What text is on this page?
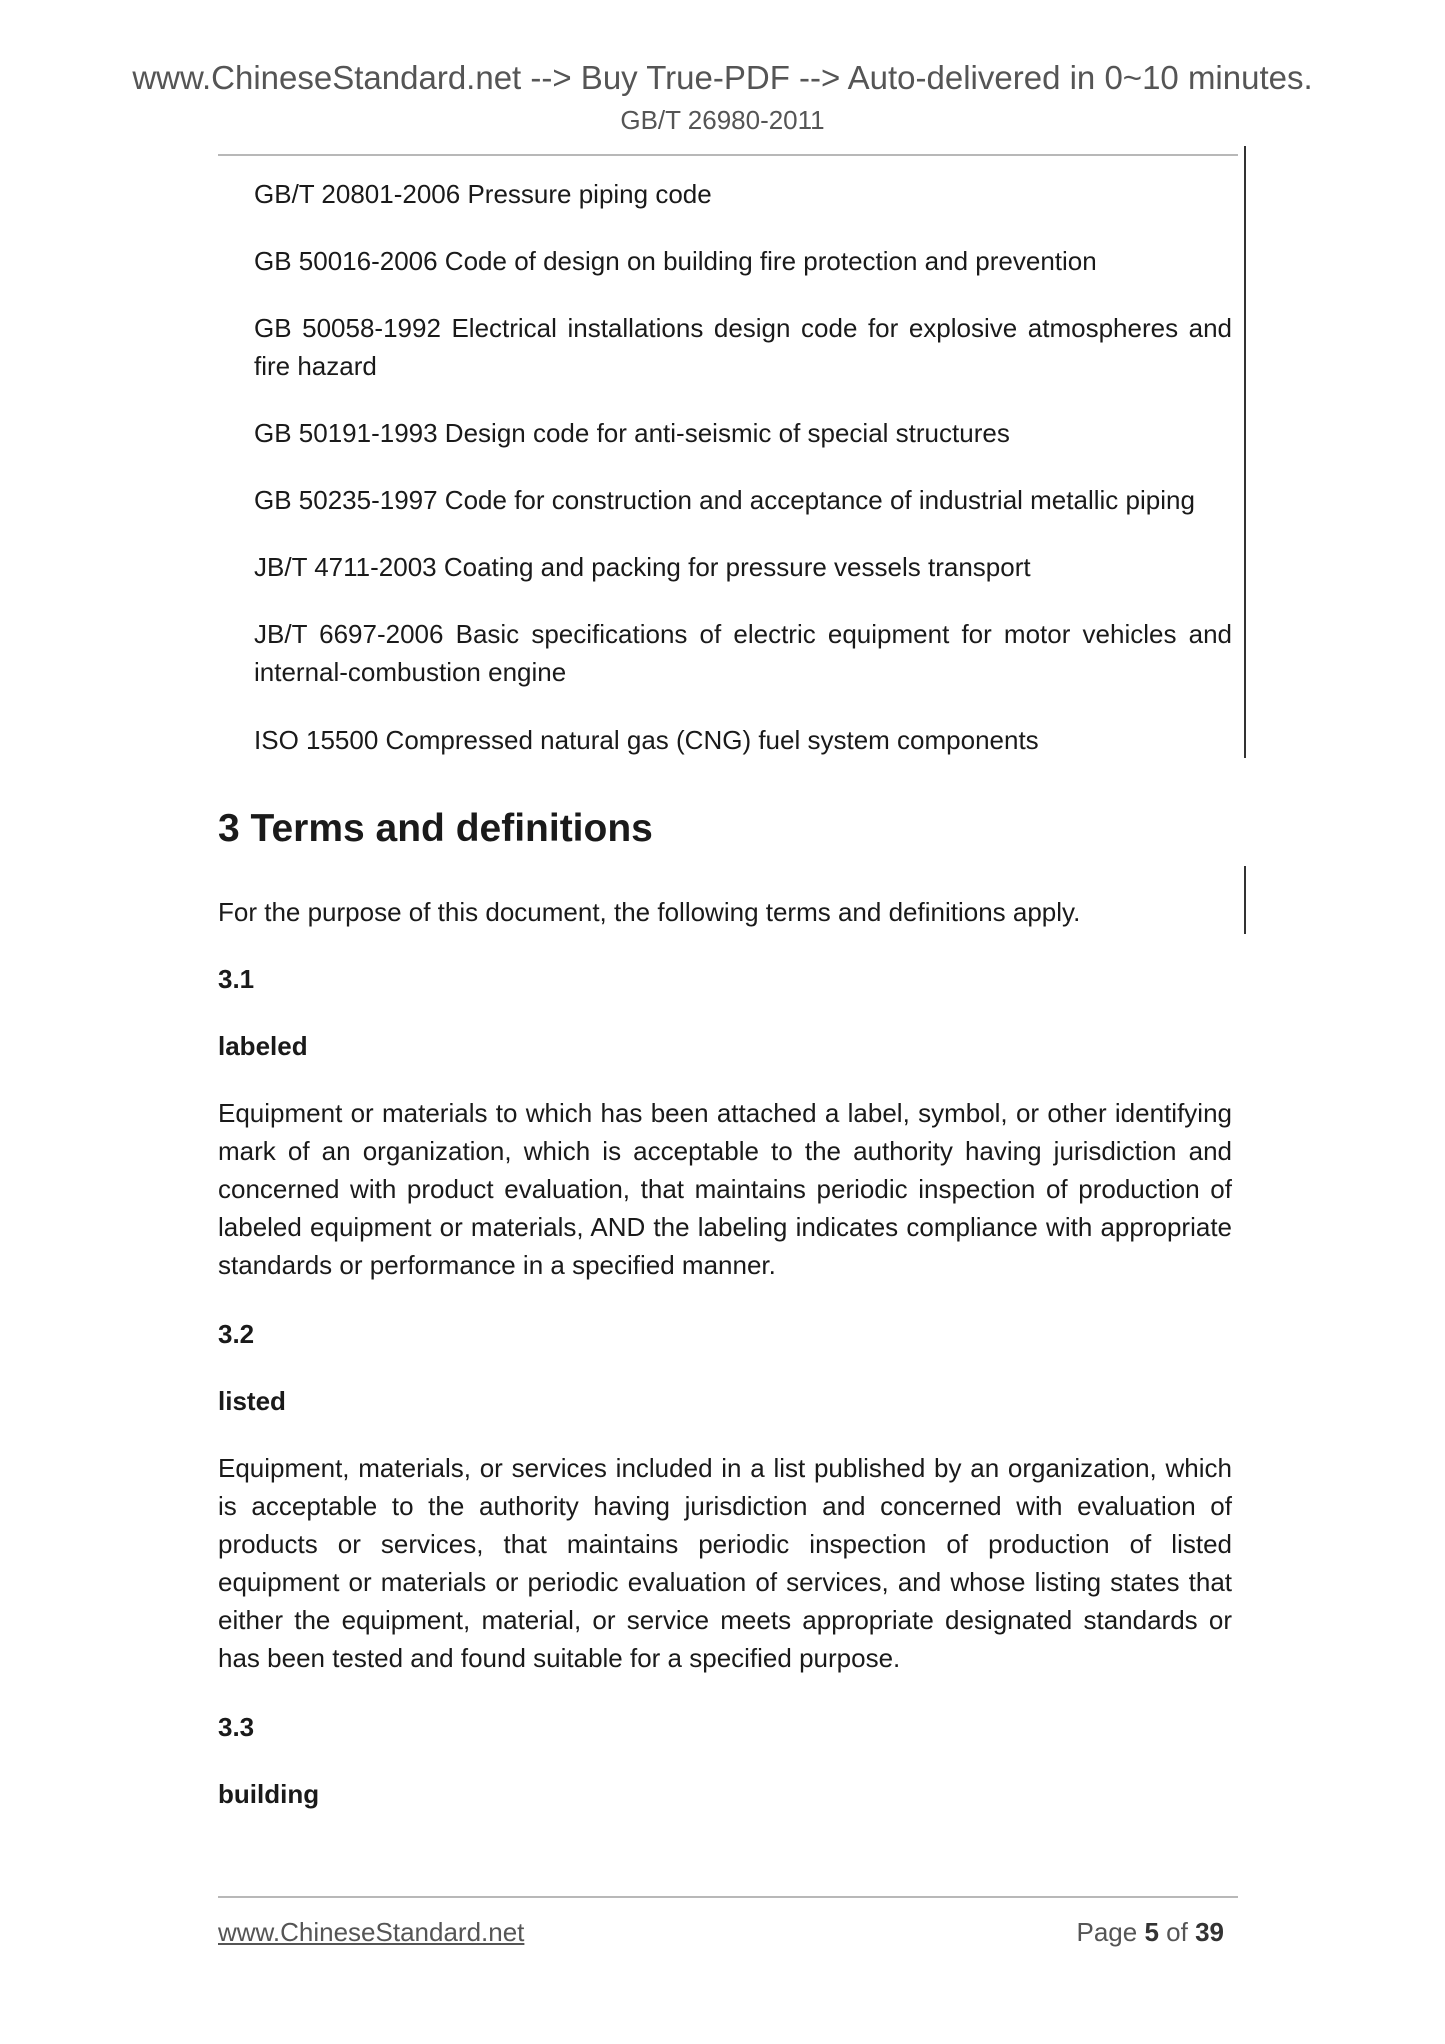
www.ChineseStandard.net --> Buy True-PDF --> Auto-delivered in 0~10 minutes.
GB/T 26980-2011

GB/T 20801-2006 Pressure piping code

GB 50016-2006 Code of design on building fire protection and prevention

GB 50058-1992 Electrical installations design code for explosive atmospheres and fire hazard

GB 50191-1993 Design code for anti-seismic of special structures

GB 50235-1997 Code for construction and acceptance of industrial metallic piping

JB/T 4711-2003 Coating and packing for pressure vessels transport

JB/T 6697-2006 Basic specifications of electric equipment for motor vehicles and internal-combustion engine

ISO 15500 Compressed natural gas (CNG) fuel system components

3 Terms and definitions

For the purpose of this document, the following terms and definitions apply.

3.1
labeled

Equipment or materials to which has been attached a label, symbol, or other identifying mark of an organization, which is acceptable to the authority having jurisdiction and concerned with product evaluation, that maintains periodic inspection of production of labeled equipment or materials, AND the labeling indicates compliance with appropriate standards or performance in a specified manner.

3.2
listed

Equipment, materials, or services included in a list published by an organization, which is acceptable to the authority having jurisdiction and concerned with evaluation of products or services, that maintains periodic inspection of production of listed equipment or materials or periodic evaluation of services, and whose listing states that either the equipment, material, or service meets appropriate designated standards or has been tested and found suitable for a specified purpose.

3.3
building
www.ChineseStandard.net	Page 5 of 39
